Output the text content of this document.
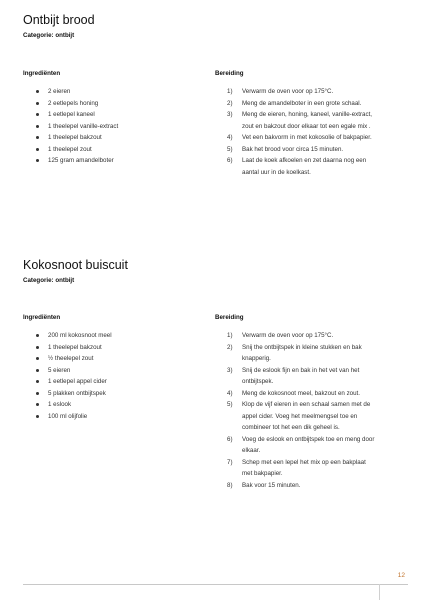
Ontbijt brood
Categorie: ontbijt
Ingrediënten
2 eieren
2 eetlepels honing
1 eetlepel kaneel
1 theelepel vanille-extract
1 theelepel bakzout
1 theelepel zout
125 gram amandelboter
Bereiding
1) Verwarm de oven voor op 175°C.
2) Meng de amandelboter in een grote schaal.
3) Meng de eieren, honing, kaneel, vanille-extract,
zout en bakzout door elkaar tot een egale mix .
4) Vet een bakvorm in met kokosolie of bakpapier.
5) Bak het brood voor circa 15 minuten.
6) Laat de koek afkoelen en zet daarna nog een
aantal uur in de koelkast.
Kokosnoot buiscuit
Categorie: ontbijt
Ingrediënten
200 ml kokosnoot meel
1 theelepel bakzout
½ theelepel zout
5 eieren
1 eetlepel appel cider
5 plakken ontbijtspek
1 eslook
100 ml olijfolie
Bereiding
1) Verwarm de oven voor op 175°C.
2) Snij the ontbijtspek in kleine stukken en bak
knapperig.
3) Snij de eslook fijn en bak in het vet van het
ontbijtspek.
4) Meng de kokosnoot meel, bakzout en zout.
5) Klop de vijf eieren in een schaal samen met de
appel cider. Voeg het meelmengsel toe en
combineer tot het een dik geheel is.
6) Voeg de eslook en ontbijtspek toe en meng door
elkaar.
7) Schep met een lepel het mix op een bakplaat
met bakpapier.
8) Bak voor 15 minuten.
12
